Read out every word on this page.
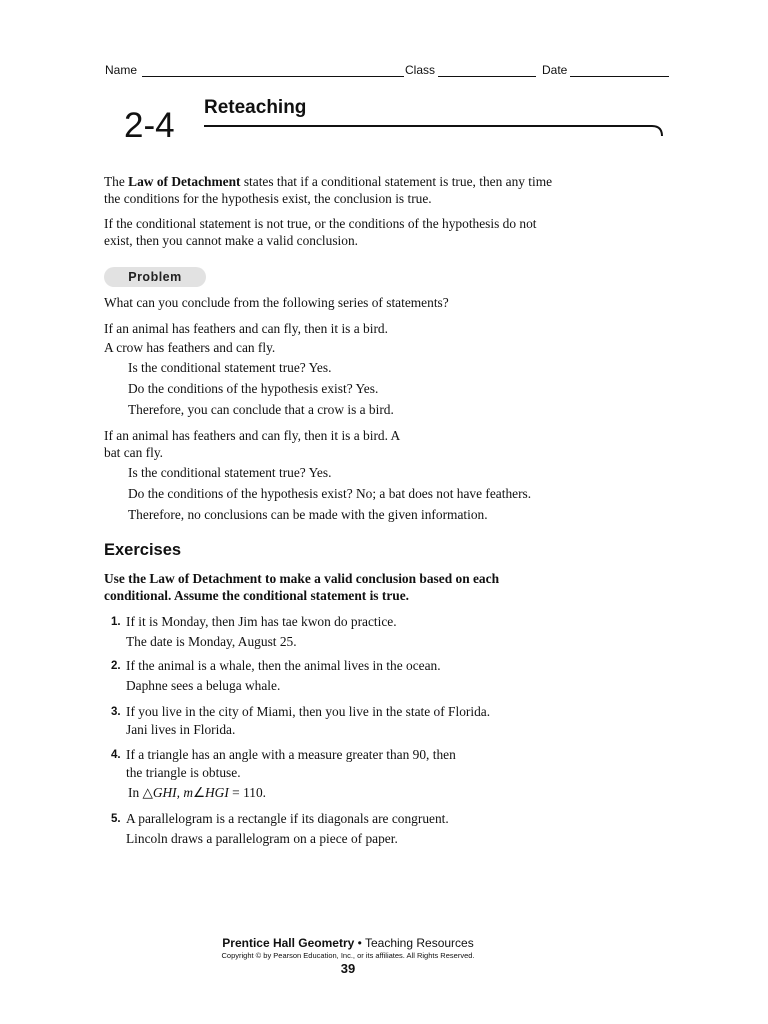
Name	Class	Date
2-4 Reteaching
The Law of Detachment states that if a conditional statement is true, then any time
the conditions for the hypothesis exist, the conclusion is true.
If the conditional statement is not true, or the conditions of the hypothesis do not
exist, then you cannot make a valid conclusion.
Problem
What can you conclude from the following series of statements?
If an animal has feathers and can fly, then it is a bird.
A crow has feathers and can fly.
Is the conditional statement true? Yes.
Do the conditions of the hypothesis exist? Yes.
Therefore, you can conclude that a crow is a bird.
If an animal has feathers and can fly, then it is a bird. A
bat can fly.
Is the conditional statement true? Yes.
Do the conditions of the hypothesis exist? No; a bat does not have feathers.
Therefore, no conclusions can be made with the given information.
Exercises
Use the Law of Detachment to make a valid conclusion based on each
conditional. Assume the conditional statement is true.
1. If it is Monday, then Jim has tae kwon do practice.
The date is Monday, August 25.
2. If the animal is a whale, then the animal lives in the ocean.
Daphne sees a beluga whale.
3. If you live in the city of Miami, then you live in the state of Florida.
Jani lives in Florida.
4. If a triangle has an angle with a measure greater than 90, then
the triangle is obtuse.
In △GHI, m∠HGI = 110.
5. A parallelogram is a rectangle if its diagonals are congruent.
Lincoln draws a parallelogram on a piece of paper.
Prentice Hall Geometry • Teaching Resources
Copyright © by Pearson Education, Inc., or its affiliates. All Rights Reserved.
39
